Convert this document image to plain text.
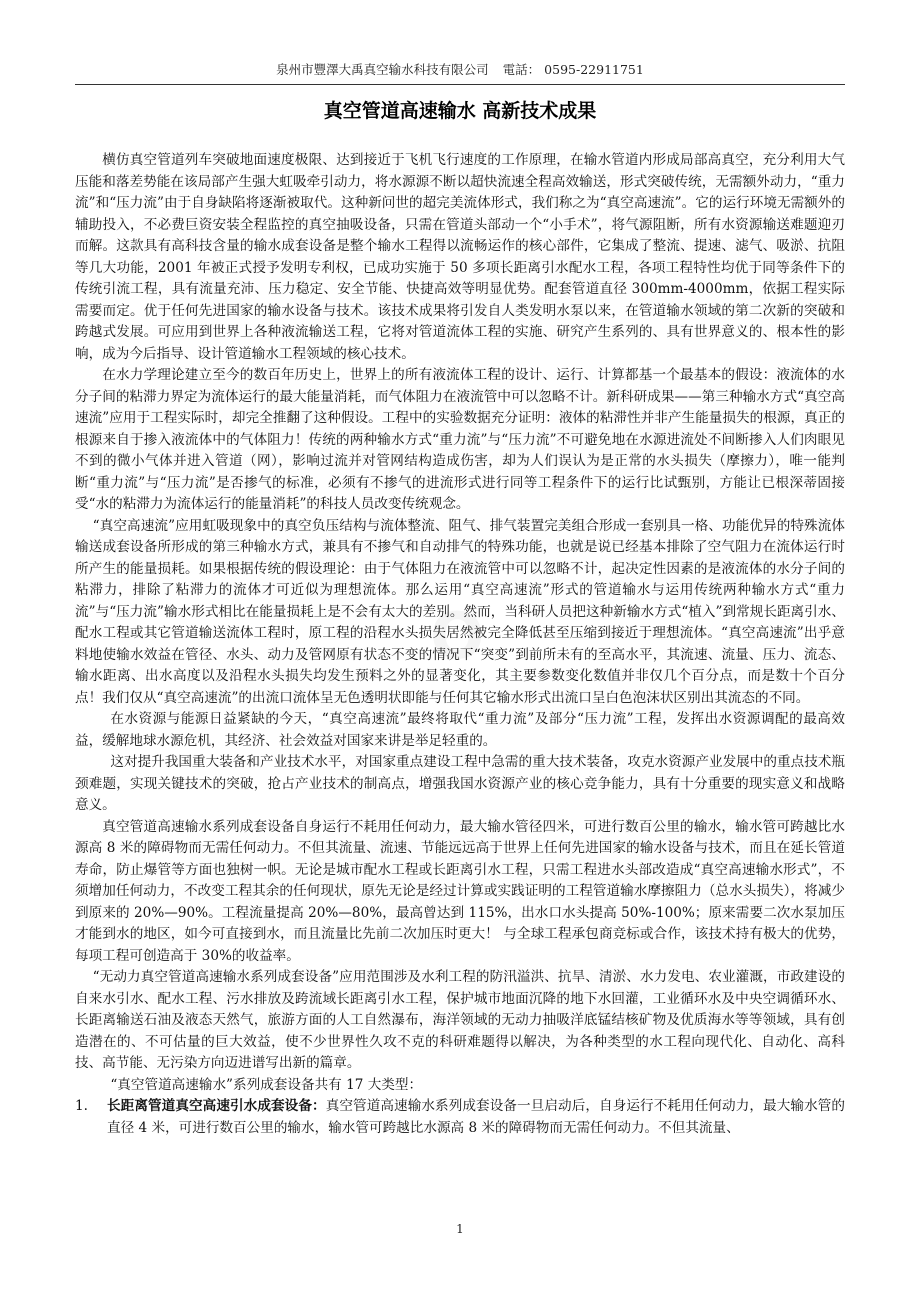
泉州市豐澤大禹真空输水科技有限公司 電話： 0595-22911751
真空管道高速输水 高新技术成果

横仿真空管道列车突破地面速度极限、达到接近于飞机飞行速度的工作原理，在输水管道内形成局部高真空，充分利用大气压能和落差势能在该局部产生强大虹吸牵引动力，将水源源不断以超快流速全程高效输送，形式突破传统，无需额外动力，“重力流”和“压力流”由于自身缺陷将逐渐被取代。这种新问世的超完美流体形式，我们称之为“真空高速流”。它的运行环境无需额外的辅助投入，不必费巨资安装全程监控的真空抽吸设备，只需在管道头部动一个“小手术”，将气源阻断，所有水资源输送难题迎刃而解。这款具有高科技含量的输水成套设备是整个输水工程得以流畅运作的核心部件，它集成了整流、提速、滤气、吸淤、抗阻等几大功能，2001 年被正式授予发明专利权，已成功实施于 50 多项长距离引水配水工程，各项工程特性均优于同等条件下的传统引流工程，具有流量充沛、压力稳定、安全节能、快捷高效等明显优势。配套管道直径 300mm-4000mm，依据工程实际需要而定。优于任何先进国家的输水设备与技术。该技术成果将引发自人类发明水泵以来，在管道输水领域的第二次新的突破和跨越式发展。可应用到世界上各种液流输送工程，它将对管道流体工程的实施、研究产生系列的、具有世界意义的、根本性的影响，成为今后指导、设计管道输水工程领域的核心技术。

在水力学理论建立至今的数百年历史上，世界上的所有液流体工程的设计、运行、计算都基一个最基本的假设：液流体的水分子间的粘滞力界定为流体运行的最大能量消耗，而气体阻力在液流管中可以忽略不计。新科研成果——第三种输水方式“真空高速流”应用于工程实际时，却完全推翻了这种假设。工程中的实验数据充分证明：液体的粘滞性并非产生能量损失的根源，真正的根源来自于掺入液流体中的气体阻力！传统的两种输水方式“重力流”与“压力流”不可避免地在水源进流处不间断掺入人们肉眼见不到的微小气体并进入管道（网），影响过流并对管网结构造成伤害，却为人们误认为是正常的水头损失（摩擦力），唯一能判断“重力流”与“压力流”是否掺气的标准，必须有不掺气的进流形式进行同等工程条件下的运行比试甄别，方能让已根深蒂固接受“水的粘滞力为流体运行的能量消耗”的科技人员改变传统观念。

“真空高速流”应用虹吸现象中的真空负压结构与流体整流、阻气、排气装置完美组合形成一套别具一格、功能优异的特殊流体输送成套设备所形成的第三种输水方式，兼具有不掺气和自动排气的特殊功能，也就是说已经基本排除了空气阻力在流体运行时所产生的能量损耗。如果根据传统的假设理论：由于气体阻力在液流管中可以忽略不计，起决定性因素的是液流体的水分子间的粘滞力，排除了粘滞力的流体才可近似为理想流体。那么运用“真空高速流”形式的管道输水与运用传统两种输水方式“重力流”与“压力流”输水形式相比在能量损耗上是不会有太大的差别。然而，当科研人员把这种新输水方式“植入”到常规长距离引水、配水工程或其它管道输送流体工程时，原工程的沿程水头损失居然被完全降低甚至压缩到接近于理想流体。“真空高速流”出乎意料地使输水效益在管径、水头、动力及管网原有状态不变的情况下“突变”到前所未有的至高水平，其流速、流量、压力、流态、输水距离、出水高度以及沿程水头损失均发生预料之外的显著变化，其主要参数变化数值并非仅几个百分点，而是数十个百分点！我们仅从“真空高速流”的出流口流体呈无色透明状即能与任何其它输水形式出流口呈白色泡沫状区别出其流态的不同。

在水资源与能源日益紧缺的今天，“真空高速流”最终将取代“重力流”及部分“压力流”工程，发挥出水资源调配的最高效益，缓解地球水源危机，其经济、社会效益对国家来讲是举足轻重的。

这对提升我国重大装备和产业技术水平，对国家重点建设工程中急需的重大技术装备，攻克水资源产业发展中的重点技术瓶颈难题，实现关键技术的突破，抢占产业技术的制高点，增强我国水资源产业的核心竞争能力，具有十分重要的现实意义和战略意义。

真空管道高速输水系列成套设备自身运行不耗用任何动力，最大输水管径四米，可进行数百公里的输水，输水管可跨越比水源高 8 米的障碍物而无需任何动力。不但其流量、流速、节能远远高于世界上任何先进国家的输水设备与技术，而且在延长管道寿命，防止爆管等方面也独树一帜。无论是城市配水工程或长距离引水工程，只需工程进水头部改造成“真空高速输水形式”，不须增加任何动力，不改变工程其余的任何现状，原先无论是经过计算或实践证明的工程管道输水摩擦阻力（总水头损失），将减少到原来的 20%—90%。工程流量提高 20%—80%，最高曾达到 115%，出水口水头提高 50%-100%；原来需要二次水泵加压才能到水的地区，如今可直接到水，而且流量比先前二次加压时更大！ 与全球工程承包商竞标或合作，该技术持有极大的优势，每项工程可创造高于 30%的收益率。

“无动力真空管道高速输水系列成套设备”应用范围涉及水利工程的防汛溢洪、抗旱、清淤、水力发电、农业灌溉，市政建设的自来水引水、配水工程、污水排放及跨流域长距离引水工程，保护城市地面沉降的地下水回灌，工业循环水及中央空调循环水、长距离输送石油及液态天然气，旅游方面的人工自然瀑布，海洋领域的无动力抽吸洋底锰结核矿物及优质海水等等领域，具有创造潜在的、不可估量的巨大效益，使不少世界性久攻不克的科研难题得以解决，为各种类型的水工程向现代化、自动化、高科技、高节能、无污染方向迈进谱写出新的篇章。

“真空管道高速输水”系列成套设备共有 17 大类型：

1.	长距离管道真空高速引水成套设备：真空管道高速输水系列成套设备一旦启动后，自身运行不耗用任何动力，最大输水管的直径 4 米，可进行数百公里的输水，输水管可跨越比水源高 8 米的障碍物而无需任何动力。不但其流量、
1
